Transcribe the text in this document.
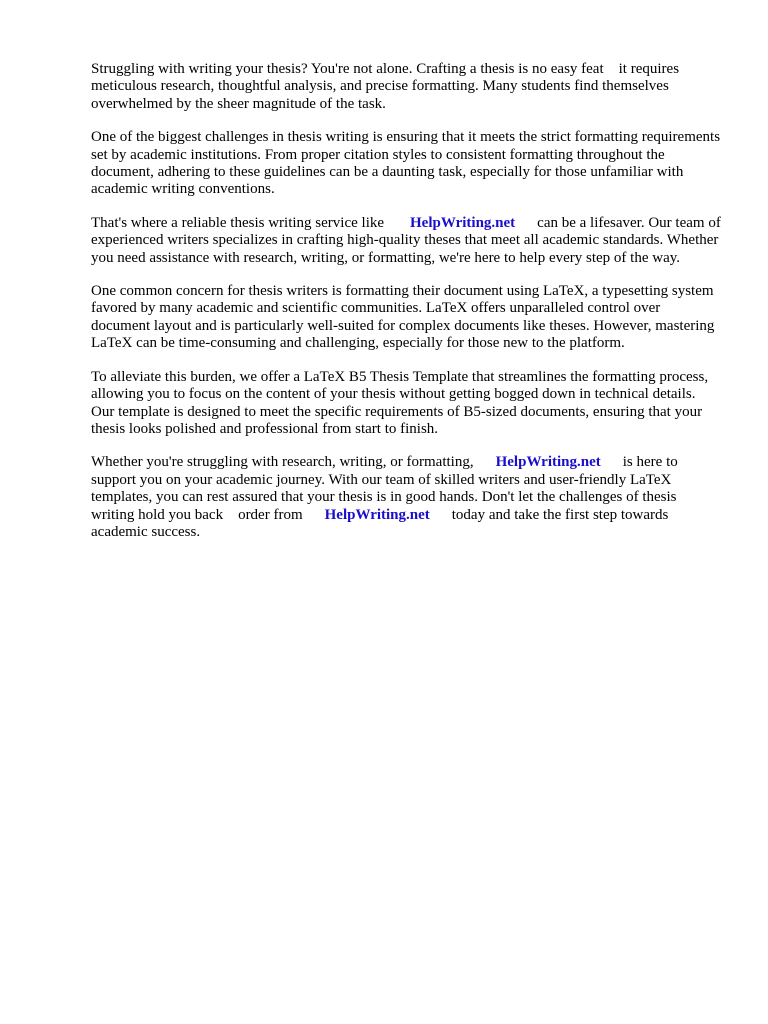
Struggling with writing your thesis? You're not alone. Crafting a thesis is no easy feat    it requires meticulous research, thoughtful analysis, and precise formatting. Many students find themselves overwhelmed by the sheer magnitude of the task.

One of the biggest challenges in thesis writing is ensuring that it meets the strict formatting requirements set by academic institutions. From proper citation styles to consistent formatting throughout the document, adhering to these guidelines can be a daunting task, especially for those unfamiliar with academic writing conventions.

That's where a reliable thesis writing service like HelpWriting.net can be a lifesaver. Our team of experienced writers specializes in crafting high-quality theses that meet all academic standards. Whether you need assistance with research, writing, or formatting, we're here to help every step of the way.

One common concern for thesis writers is formatting their document using LaTeX, a typesetting system favored by many academic and scientific communities. LaTeX offers unparalleled control over document layout and is particularly well-suited for complex documents like theses. However, mastering LaTeX can be time-consuming and challenging, especially for those new to the platform.

To alleviate this burden, we offer a LaTeX B5 Thesis Template that streamlines the formatting process, allowing you to focus on the content of your thesis without getting bogged down in technical details. Our template is designed to meet the specific requirements of B5-sized documents, ensuring that your thesis looks polished and professional from start to finish.

Whether you're struggling with research, writing, or formatting, HelpWriting.net is here to support you on your academic journey. With our team of skilled writers and user-friendly LaTeX templates, you can rest assured that your thesis is in good hands. Don't let the challenges of thesis writing hold you back    order from HelpWriting.net today and take the first step towards academic success.
